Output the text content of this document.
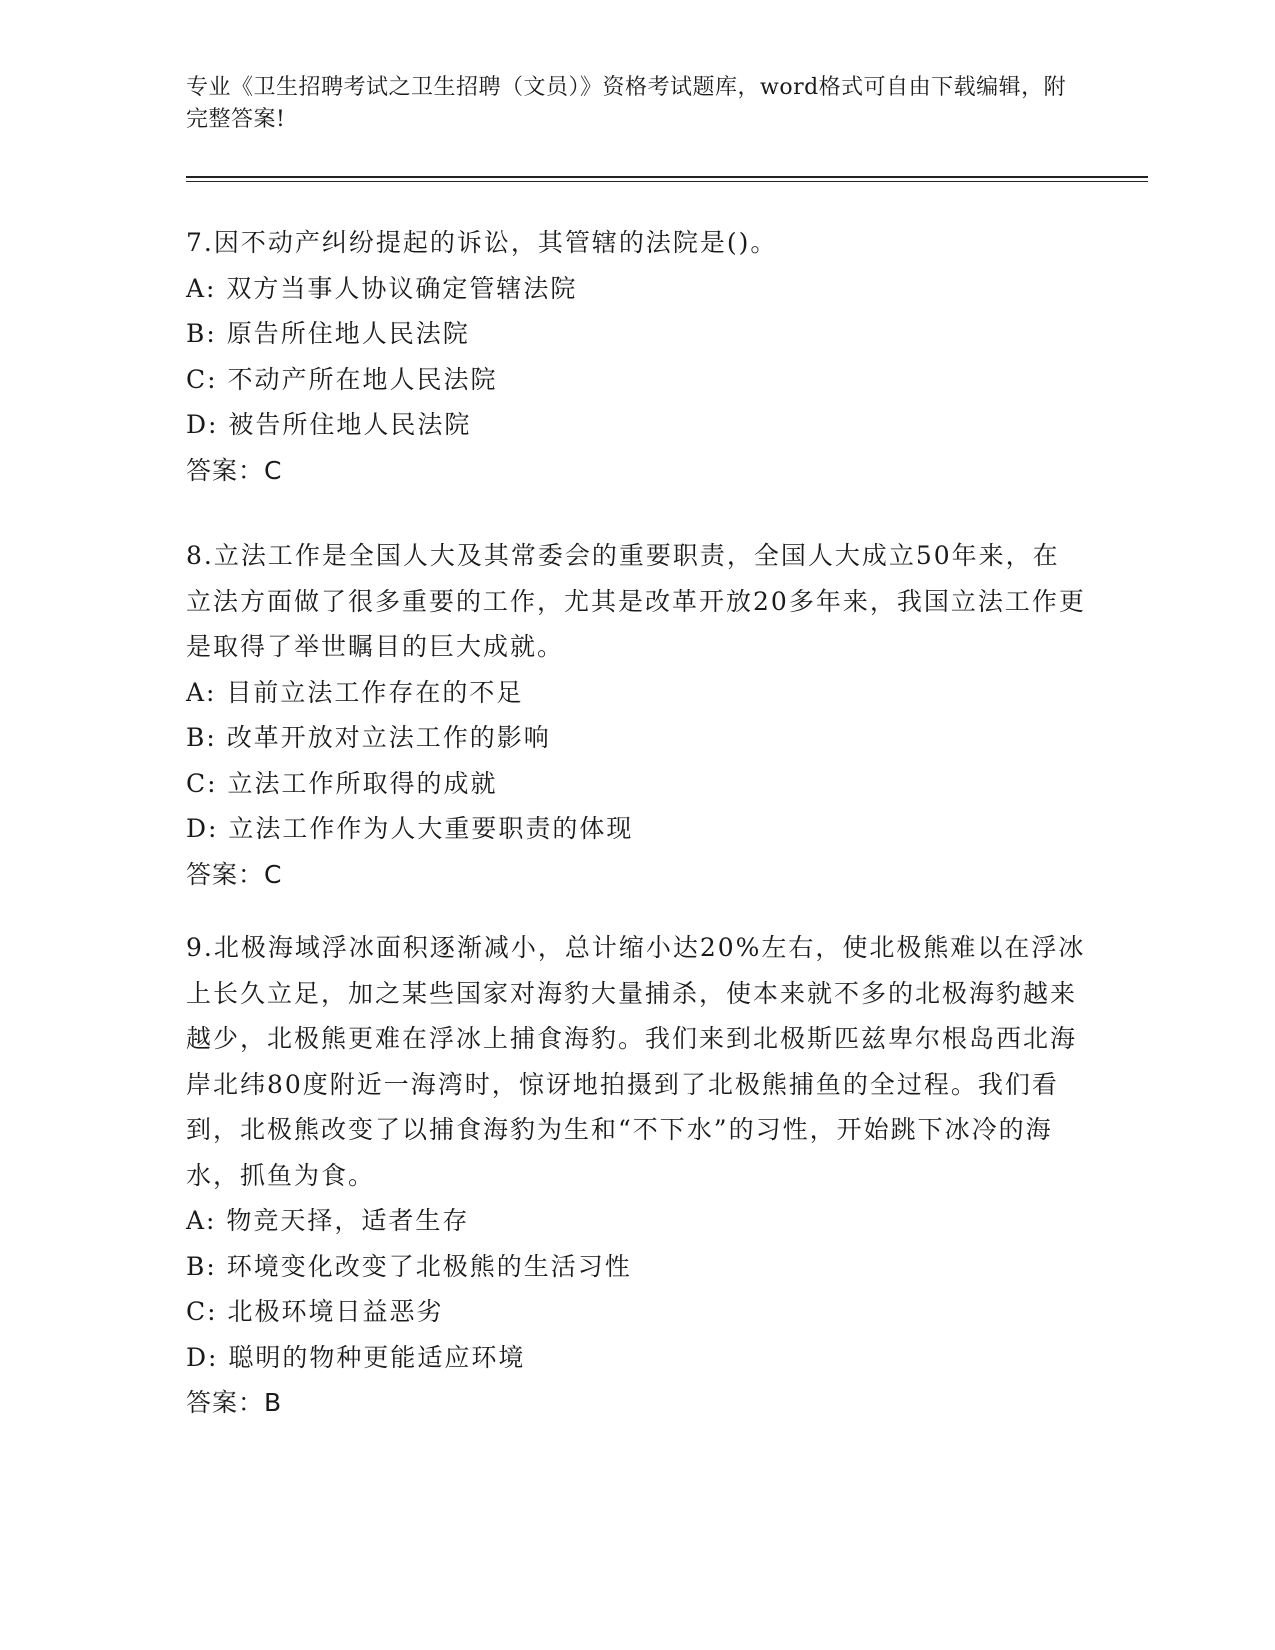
专业《卫生招聘考试之卫生招聘（文员）》资格考试题库，word格式可自由下载编辑，附完整答案!

7.因不动产纠纷提起的诉讼，其管辖的法院是()。

A: 双方当事人协议确定管辖法院

B: 原告所住地人民法院

C: 不动产所在地人民法院

D: 被告所住地人民法院

答案：C

8.立法工作是全国人大及其常委会的重要职责，全国人大成立50年来，在立法方面做了很多重要的工作，尤其是改革开放20多年来，我国立法工作更是取得了举世瞩目的巨大成就。

A: 目前立法工作存在的不足

B: 改革开放对立法工作的影响

C: 立法工作所取得的成就

D: 立法工作作为人大重要职责的体现

答案：C

9.北极海域浮冰面积逐渐减小，总计缩小达20%左右，使北极熊难以在浮冰上长久立足，加之某些国家对海豹大量捕杀，使本来就不多的北极海豹越来越少，北极熊更难在浮冰上捕食海豹。我们来到北极斯匹兹卑尔根岛西北海岸北纬80度附近一海湾时，惊讶地拍摄到了北极熊捕鱼的全过程。我们看到，北极熊改变了以捕食海豹为生和“不下水”的习性，开始跳下冰冷的海水，抓鱼为食。

A: 物竞天择，适者生存

B: 环境变化改变了北极熊的生活习性

C: 北极环境日益恶劣

D: 聪明的物种更能适应环境

答案：B
